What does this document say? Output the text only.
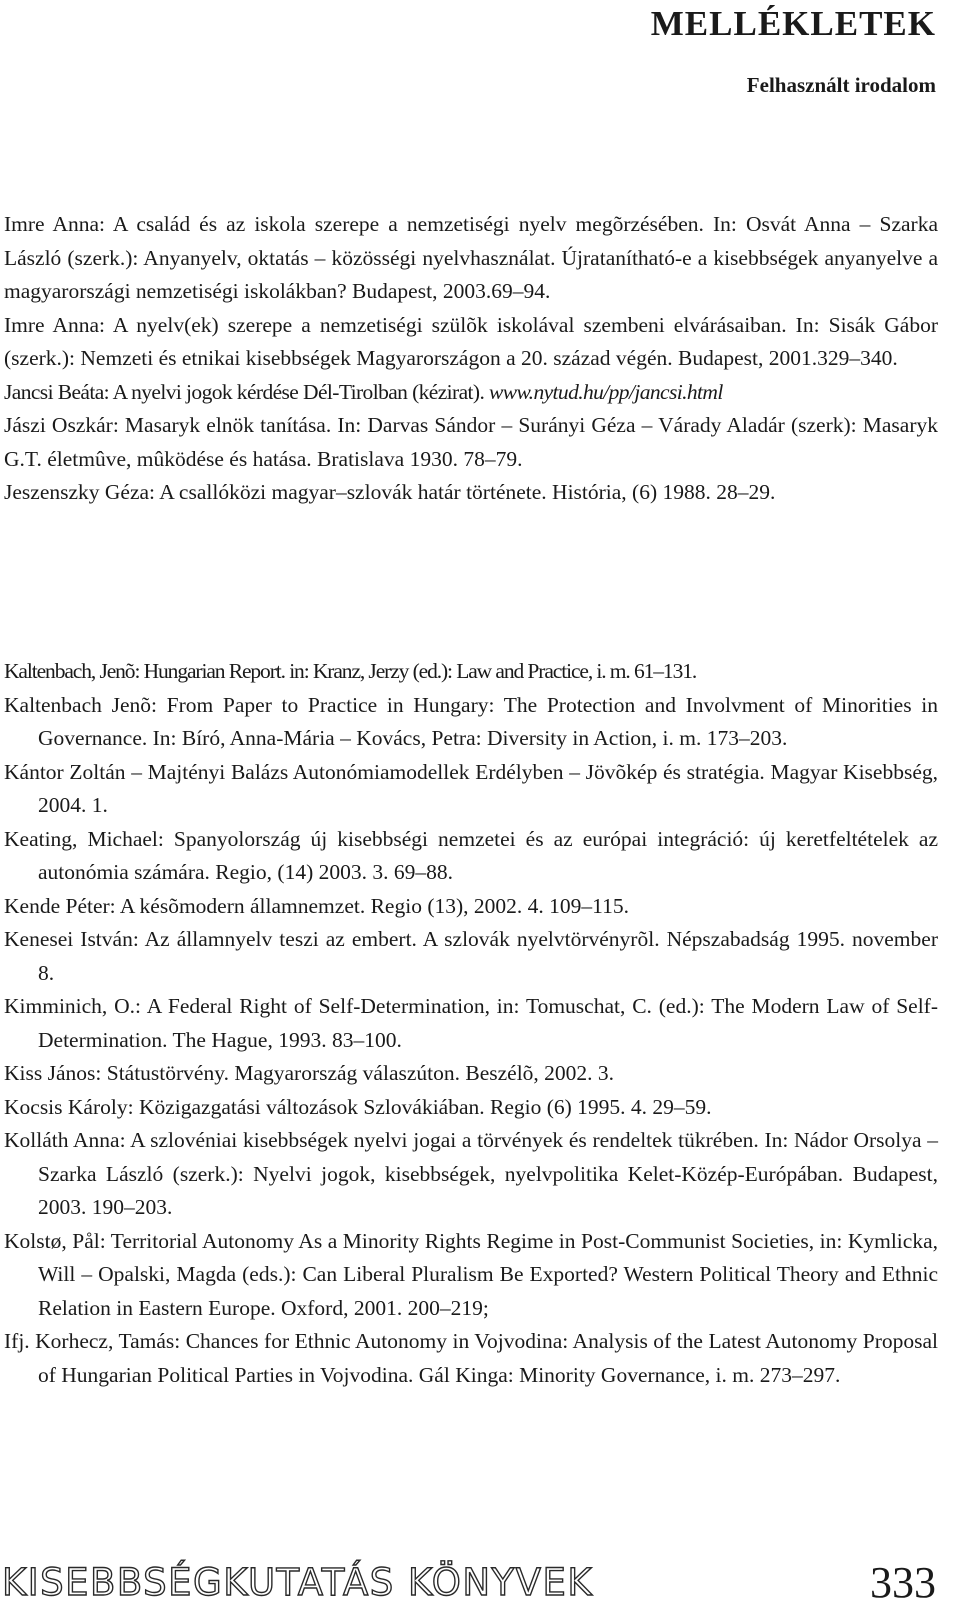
MELLÉKLETEK
Felhasznált irodalom
Imre Anna: A család és az iskola szerepe a nemzetiségi nyelv megõrzésében. In: Osvát Anna – Szarka László (szerk.): Anyanyelv, oktatás – közösségi nyelvhasználat. Újratanítható-e a kisebbségek anyanyelve a magyarországi nemzetiségi iskolákban? Budapest, 2003.69–94.
Imre Anna: A nyelv(ek) szerepe a nemzetiségi szülõk iskolával szembeni elvárásaiban. In: Sisák Gábor (szerk.): Nemzeti és etnikai kisebbségek Magyarországon a 20. század végén. Budapest, 2001.329–340.
Jancsi Beáta: A nyelvi jogok kérdése Dél-Tirolban (kézirat). www.nytud.hu/pp/jancsi.html
Jászi Oszkár: Masaryk elnök tanítása. In: Darvas Sándor – Surányi Géza – Várady Aladár (szerk): Masaryk G.T. életmûve, mûködése és hatása. Bratislava 1930. 78–79.
Jeszenszky Géza: A csallóközi magyar–szlovák határ története. História, (6) 1988. 28–29.
Kaltenbach, Jenõ: Hungarian Report. in: Kranz, Jerzy (ed.): Law and Practice, i. m. 61–131.
Kaltenbach Jenõ: From Paper to Practice in Hungary: The Protection and Involvment of Minorities in Governance. In: Bíró, Anna-Mária – Kovács, Petra: Diversity in Action, i. m. 173–203.
Kántor Zoltán – Majtényi Balázs Autonómiamodellek Erdélyben – Jövõkép és stratégia. Magyar Kisebbség, 2004. 1.
Keating, Michael: Spanyolország új kisebbségi nemzetei és az európai integráció: új keretfeltételek az autonómia számára. Regio, (14) 2003. 3. 69–88.
Kende Péter: A késõmodern államnemzet. Regio (13), 2002. 4. 109–115.
Kenesei István: Az államnyelv teszi az embert. A szlovák nyelvtörvényrõl. Népszabadság 1995. november 8.
Kimminich, O.: A Federal Right of Self-Determination, in: Tomuschat, C. (ed.): The Modern Law of Self-Determination. The Hague, 1993. 83–100.
Kiss János: Státustörvény. Magyarország válaszúton. Beszélõ, 2002. 3.
Kocsis Károly: Közigazgatási változások Szlovákiában. Regio (6) 1995. 4. 29–59.
Kolláth Anna: A szlovéniai kisebbségek nyelvi jogai a törvények és rendeltek tükrében. In: Nádor Orsolya – Szarka László (szerk.): Nyelvi jogok, kisebbségek, nyelvpolitika Kelet-Közép-Európában. Budapest, 2003. 190–203.
Kolstø, Pål: Territorial Autonomy As a Minority Rights Regime in Post-Communist Societies, in: Kymlicka, Will – Opalski, Magda (eds.): Can Liberal Pluralism Be Exported? Western Political Theory and Ethnic Relation in Eastern Europe. Oxford, 2001. 200–219;
Ifj. Korhecz, Tamás: Chances for Ethnic Autonomy in Vojvodina: Analysis of the Latest Autonomy Proposal of Hungarian Political Parties in Vojvodina. Gál Kinga: Minority Governance, i. m. 273–297.
KISEBBSÉGKUTATÁS KÖNYVEK	333
